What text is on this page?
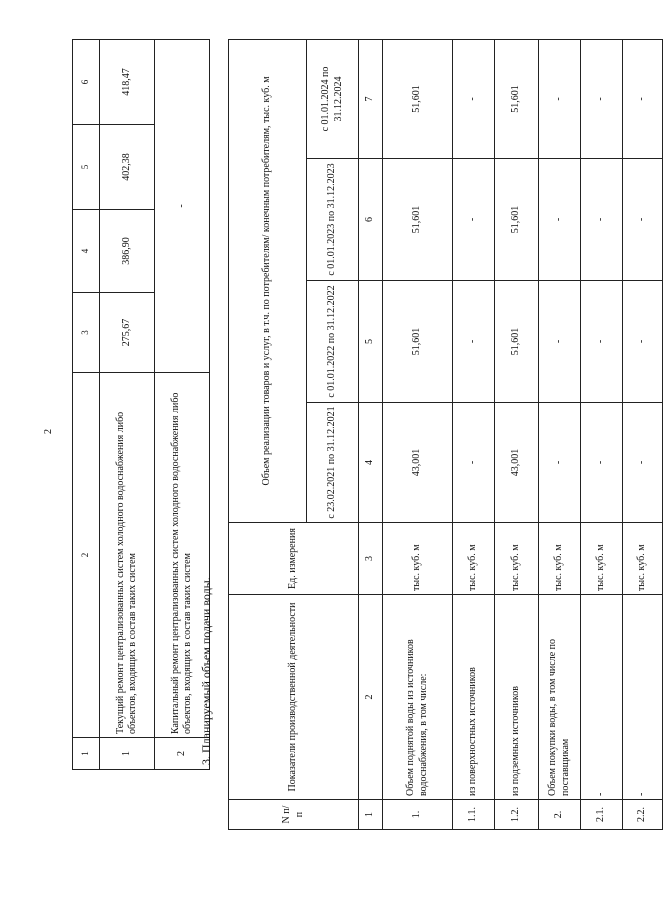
2
1	2	3	4	5	6
1	Текущий ремонт централизованных систем холодного водоснабжения либо объектов, входящих в состав таких систем	275,67	386,90	402,38	418,47
2	Капитальный ремонт централизованных систем холодного водоснабжения либо объектов, входящих в состав таких систем	-			
3. Планируемый объем подачи воды.
N п/п	Показатели производственной деятельности	Ед. измерения	Объем реализации товаров и услуг, в т.ч. по потребителям/ конечным потребителям, тыс. куб. м			
			с 23.02.2021 по 31.12.2021	с 01.01.2022 по 31.12.2022	с 01.01.2023 по 31.12.2023	с 01.01.2024 по 31.12.2024
1	2	3	4	5	6	7
1.	Объем поднятой воды из источников водоснабжения, в том числе:	тыс. куб. м	43,001	51,601	51,601	51,601
1.1.	из поверхностных источников	тыс. куб. м	-	-	-	-
1.2.	из подземных источников	тыс. куб. м	43,001	51,601	51,601	51,601
2.	Объем покупки воды, в том числе по поставщикам	тыс. куб. м	-	-	-	-
2.1.	-	тыс. куб. м	-	-	-	-
2.2.	-	тыс. куб. м	-	-	-	-
